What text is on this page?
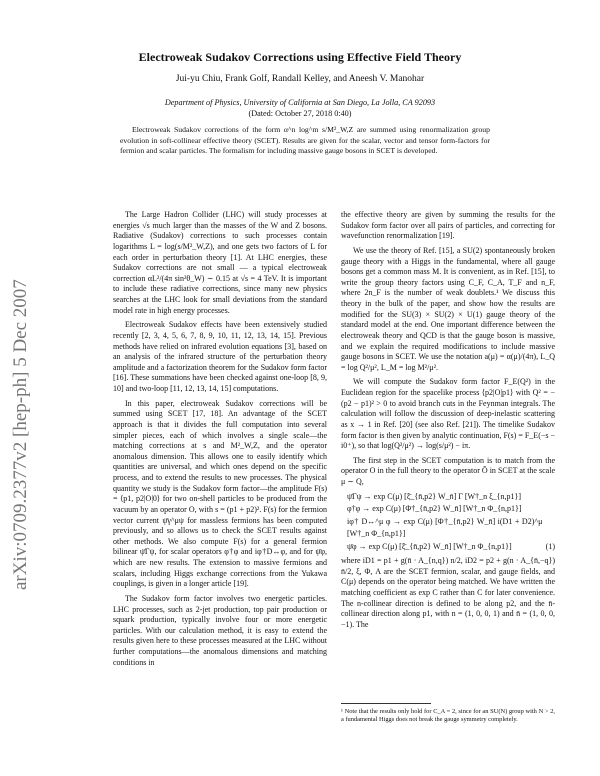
arXiv:0709.2377v2 [hep-ph] 5 Dec 2007
Electroweak Sudakov Corrections using Effective Field Theory
Jui-yu Chiu, Frank Golf, Randall Kelley, and Aneesh V. Manohar
Department of Physics, University of California at San Diego, La Jolla, CA 92093
(Dated: October 27, 2018 0:40)
Electroweak Sudakov corrections of the form α^n log^m s/M²_W,Z are summed using renormalization group evolution in soft-collinear effective theory (SCET). Results are given for the scalar, vector and tensor form-factors for fermion and scalar particles. The formalism for including massive gauge bosons in SCET is developed.

The Large Hadron Collider (LHC) will study processes at energies √s much larger than the masses of the W and Z bosons. Radiative (Sudakov) corrections to such processes contain logarithms L = log(s/M²_W,Z), and one gets two factors of L for each order in perturbation theory [1]. At LHC energies, these Sudakov corrections are not small — a typical electroweak correction αL²/(4π sin²θ_W) ∼ 0.15 at √s = 4 TeV. It is important to include these radiative corrections, since many new physics searches at the LHC look for small deviations from the standard model rate in high energy processes.

Electroweak Sudakov effects have been extensively studied recently [2, 3, 4, 5, 6, 7, 8, 9, 10, 11, 12, 13, 14, 15]. Previous methods have relied on infrared evolution equations [3], based on an analysis of the infrared structure of the perturbation theory amplitude and a factorization theorem for the Sudakov form factor [16]. These summations have been checked against one-loop [8, 9, 10] and two-loop [11, 12, 13, 14, 15] computations.

In this paper, electroweak Sudakov corrections will be summed using SCET [17, 18]. An advantage of the SCET approach is that it divides the full computation into several simpler pieces, each of which involves a single scale—the matching corrections at s and M²_W,Z, and the operator anomalous dimension. This allows one to easily identify which quantities are universal, and which ones depend on the specific process, and to extend the results to new processes. The physical quantity we study is the Sudakov form factor—the amplitude F(s) = ⟨p1, p2|O|0⟩ for two on-shell particles to be produced from the vacuum by an operator O, with s = (p1 + p2)². F(s) for the fermion vector current ψ̄γ^μψ for massless fermions has been computed previously, and so allows us to check the SCET results against other methods. We also compute F(s) for a general fermion bilinear ψ̄Γψ, for scalar operators φ†φ and iφ†D↔φ, and for ψ̄φ, which are new results. The extension to massive fermions and scalars, including Higgs exchange corrections from the Yukawa couplings, is given in a longer article [19].

The Sudakov form factor involves two energetic particles. LHC processes, such as 2-jet production, top pair production or squark production, typically involve four or more energetic particles. With our calculation method, it is easy to extend the results given here to these processes measured at the LHC without further computations—the anomalous dimensions and matching conditions in

the effective theory are given by summing the results for the Sudakov form factor over all pairs of particles, and correcting for wavefunction renormalization [19].

We use the theory of Ref. [15], a SU(2) spontaneously broken gauge theory with a Higgs in the fundamental, where all gauge bosons get a common mass M. It is convenient, as in Ref. [15], to write the group theory factors using C_F, C_A, T_F and n_F, where 2n_F is the number of weak doublets.¹ We discuss this theory in the bulk of the paper, and show how the results are modified for the SU(3) × SU(2) × U(1) gauge theory of the standard model at the end. One important difference between the electroweak theory and QCD is that the gauge boson is massive, and we explain the required modifications to include massive gauge bosons in SCET. We use the notation a(μ) = α(μ)/(4π), L_Q = log Q²/μ², L_M = log M²/μ².

We will compute the Sudakov form factor F_E(Q²) in the Euclidean region for the spacelike process ⟨p2|O|p1⟩ with Q² = −(p2 − p1)² > 0 to avoid branch cuts in the Feynman integrals. The calculation will follow the discussion of deep-inelastic scattering as x → 1 in Ref. [20] (see also Ref. [21]). The timelike Sudakov form factor is then given by analytic continuation, F(s) = F_E(−s − i0⁺), so that log(Q²/μ²) → log(s/μ²) − iπ.

The first step in the SCET computation is to match from the operator O in the full theory to the operator Õ in SCET at the scale μ ∼ Q,

ψ̄Γψ → exp C(μ) [ξ̄_{n̄,p2} W_n̄] Γ [W†_n ξ_{n,p1}]
φ†φ → exp C(μ) [Φ†_{n̄,p2} W_n̄] [W†_n Φ_{n,p1}]
iφ† D↔^μ φ → exp C(μ) [Φ†_{n̄,p2} W_n̄] i(D1 + D2)^μ [W†_n Φ_{n,p1}]
ψ̄φ → exp C(μ) [ξ̄_{n̄,p2} W_n̄] [W†_n Φ_{n,p1}]	(1)

where iD1 = p1 + g(n̄ · A_{n,q}) n/2, iD2 = p2 + g(n · A_{n̄,−q}) n̄/2, ξ, Φ, A are the SCET fermion, scalar, and gauge fields, and C(μ) depends on the operator being matched. We have written the matching coefficient as exp C rather than C for later convenience. The n-collinear direction is defined to be along p2, and the n̄-collinear direction along p1, with n = (1, 0, 0, 1) and n̄ = (1, 0, 0, −1). The

¹ Note that the results only hold for C_A = 2, since for an SU(N) group with N > 2, a fundamental Higgs does not break the gauge symmetry completely.
